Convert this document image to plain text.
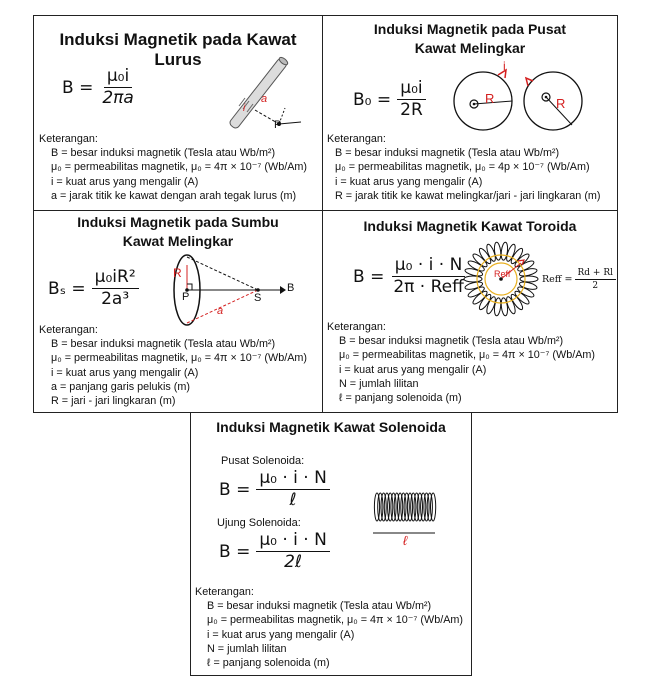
Induksi Magnetik pada Kawat Lurus
$B = \frac{\text{μ₀i}}{2\pi a}$	i
a
P
Keterangan:
B = besar induksi magnetik (Tesla atau Wb/m²)
μ₀ = permeabilitas magnetik, μ₀ = 4π × 10⁻⁷ (Wb/Am)
i = kuat arus yang mengalir (A)
a = jarak titik ke kawat dengan arah tegak lurus (m)
Induksi Magnetik pada Pusat
Kawat Melingkar
$B_0 = \frac{\text{μ₀i}}{2R}$
i
R	R
Keterangan:
B = besar induksi magnetik (Tesla atau Wb/m²)
μ₀ = permeabilitas magnetik, μ₀ = 4p × 10⁻⁷ (Wb/Am)
i = kuat arus yang mengalir (A)
R = jarak titik ke kawat melingkar/jari - jari lingkaran (m)
Induksi Magnetik pada Sumbu
Kawat Melingkar
$B_s = \frac{\text{μ₀iR²}}{\text{2a³}}$	R
P
a
S
B
Keterangan:
B = besar induksi magnetik (Tesla atau Wb/m²)
μ₀ = permeabilitas magnetik, μ₀ = 4π × 10⁻⁷ (Wb/Am)
i = kuat arus yang mengalir (A)
a = panjang garis pelukis (m)
R = jari - jari lingkaran (m)
Induksi Magnetik Kawat Toroida
$B = \frac{\text{μ₀ · i · N}}{\text{2π · Reff}}$	Reff	Reff = $\frac{Rd + Rl}{2}$
Keterangan:
B = besar induksi magnetik (Tesla atau Wb/m²)
μ₀ = permeabilitas magnetik, μ₀ = 4π × 10⁻⁷ (Wb/Am)
i = kuat arus yang mengalir (A)
N = jumlah lilitan
ℓ = panjang solenoida (m)
Induksi Magnetik Kawat Solenoida
Pusat Solenoida:
$B = \frac{\text{μ₀ · i · N}}{\text{ℓ}}$
Ujung Solenoida:
$B = \frac{\text{μ₀ · i · N}}{\text{2ℓ}}$	ℓ
Keterangan:
B = besar induksi magnetik (Tesla atau Wb/m²)
μ₀ = permeabilitas magnetik, μ₀ = 4π × 10⁻⁷ (Wb/Am)
i = kuat arus yang mengalir (A)
N = jumlah lilitan
ℓ = panjang solenoida (m)
